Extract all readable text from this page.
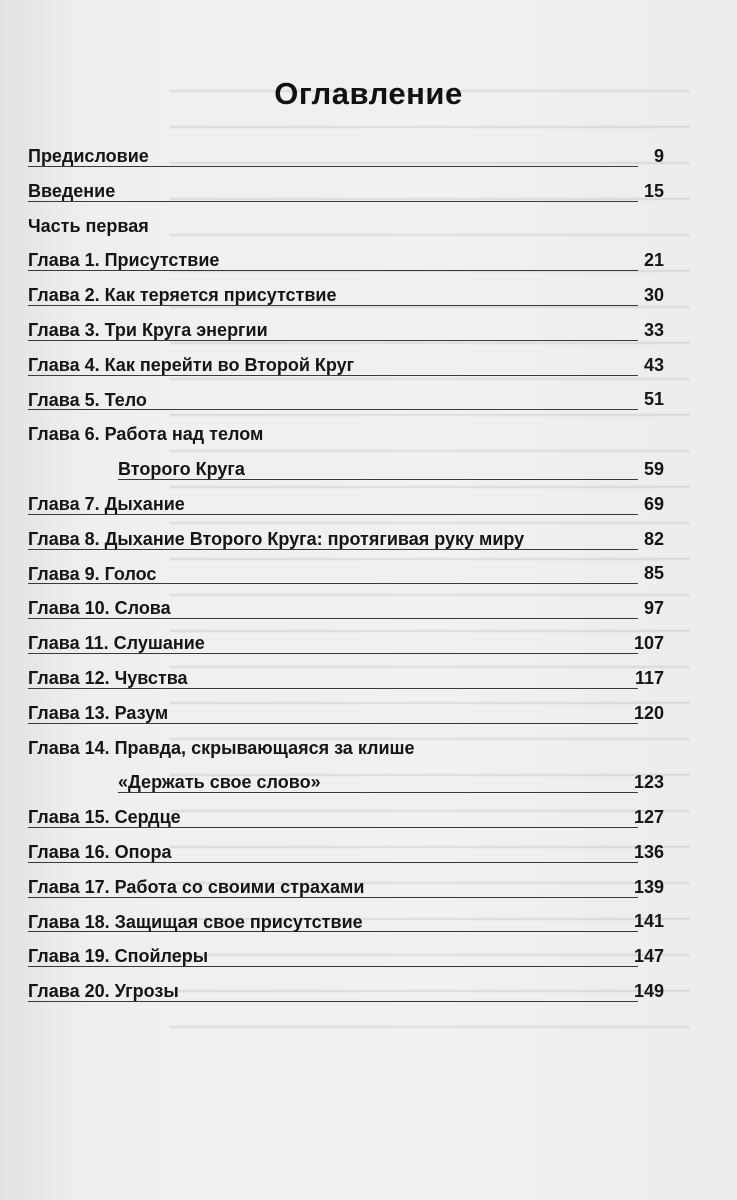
Оглавление
Предисловие	9
Введение	15
Часть первая
Глава 1. Присутствие	21
Глава 2. Как теряется присутствие	30
Глава 3. Три Круга энергии	33
Глава 4. Как перейти во Второй Круг	43
Глава 5. Тело	51
Глава 6. Работа над телом
Второго Круга	59
Глава 7. Дыхание	69
Глава 8. Дыхание Второго Круга: протягивая руку миру	82
Глава 9. Голос	85
Глава 10. Слова	97
Глава 11. Слушание	107
Глава 12. Чувства	117
Глава 13. Разум	120
Глава 14. Правда, скрывающаяся за клише
«Держать свое слово»	123
Глава 15. Сердце	127
Глава 16. Опора	136
Глава 17. Работа со своими страхами	139
Глава 18. Защищая свое присутствие	141
Глава 19. Спойлеры	147
Глава 20. Угрозы	149
